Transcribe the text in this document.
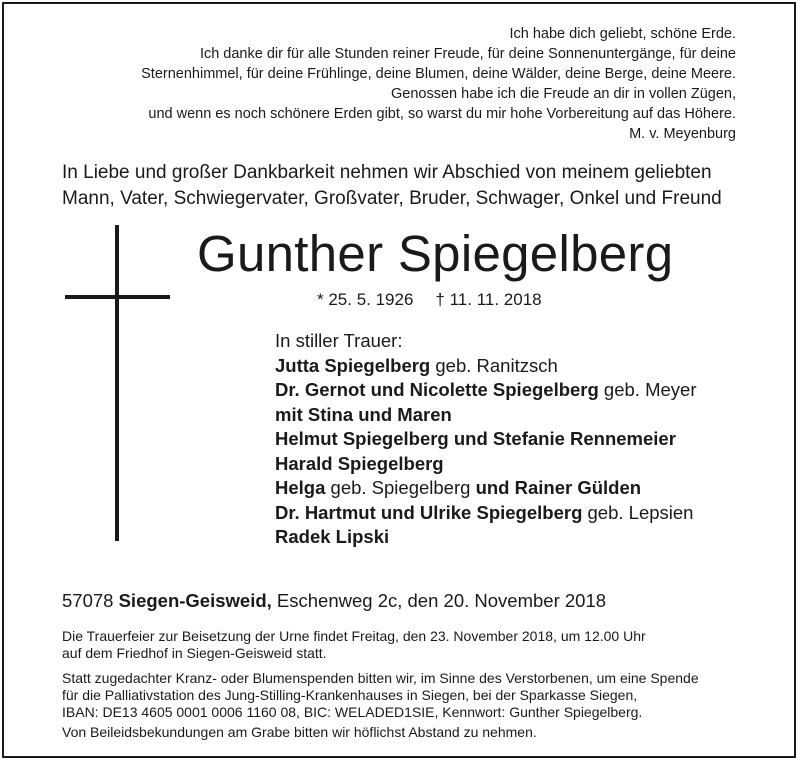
Ich habe dich geliebt, schöne Erde.
Ich danke dir für alle Stunden reiner Freude, für deine Sonnenuntergänge, für deine
Sternenhimmel, für deine Frühlinge, deine Blumen, deine Wälder, deine Berge, deine Meere.
Genossen habe ich die Freude an dir in vollen Zügen,
und wenn es noch schönere Erden gibt, so warst du mir hohe Vorbereitung auf das Höhere.
M. v. Meyenburg
In Liebe und großer Dankbarkeit nehmen wir Abschied von meinem geliebten
Mann, Vater, Schwiegervater, Großvater, Bruder, Schwager, Onkel und Freund
Gunther Spiegelberg
* 25. 5. 1926 † 11. 11. 2018
In stiller Trauer:
Jutta Spiegelberg geb. Ranitzsch
Dr. Gernot und Nicolette Spiegelberg geb. Meyer
mit Stina und Maren
Helmut Spiegelberg und Stefanie Rennemeier
Harald Spiegelberg
Helga geb. Spiegelberg und Rainer Gülden
Dr. Hartmut und Ulrike Spiegelberg geb. Lepsien
Radek Lipski
57078 Siegen-Geisweid, Eschenweg 2c, den 20. November 2018
Die Trauerfeier zur Beisetzung der Urne findet Freitag, den 23. November 2018, um 12.00 Uhr
auf dem Friedhof in Siegen-Geisweid statt.
Statt zugedachter Kranz- oder Blumenspenden bitten wir, im Sinne des Verstorbenen, um eine Spende
für die Palliativstation des Jung-Stilling-Krankenhauses in Siegen, bei der Sparkasse Siegen,
IBAN: DE13 4605 0001 0006 1160 08, BIC: WELADED1SIE, Kennwort: Gunther Spiegelberg.
Von Beileidsbekundungen am Grabe bitten wir höflichst Abstand zu nehmen.
